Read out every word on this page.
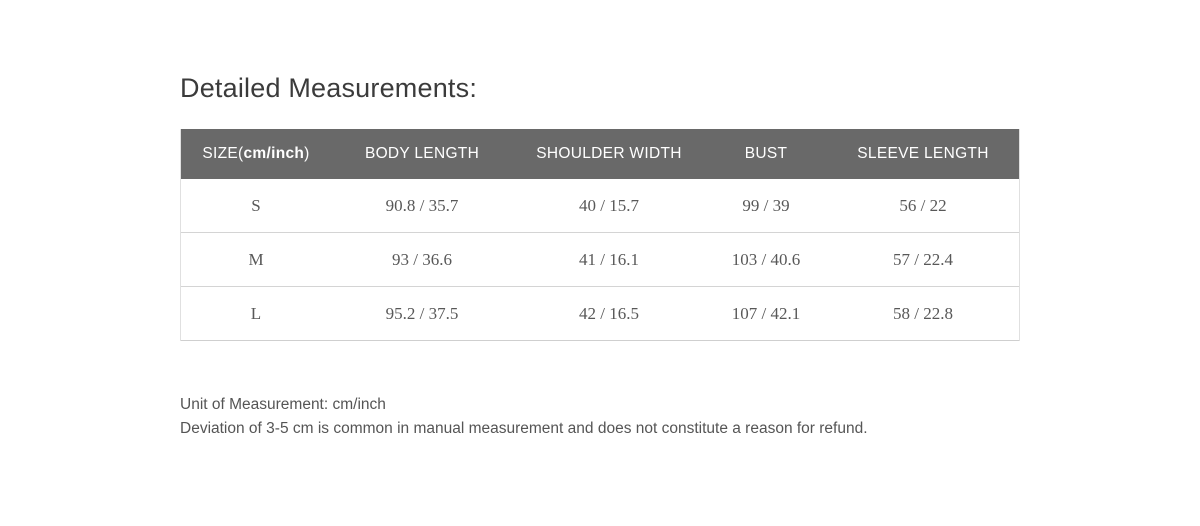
Detailed Measurements:
SIZE(cm/inch)	BODY LENGTH	SHOULDER WIDTH	BUST	SLEEVE LENGTH
S	90.8 / 35.7	40 / 15.7	99 / 39	56 / 22
M	93 / 36.6	41 / 16.1	103 / 40.6	57 / 22.4
L	95.2 / 37.5	42 / 16.5	107 / 42.1	58 / 22.8
Unit of Measurement: cm/inch
Deviation of 3-5 cm is common in manual measurement and does not constitute a reason for refund.
